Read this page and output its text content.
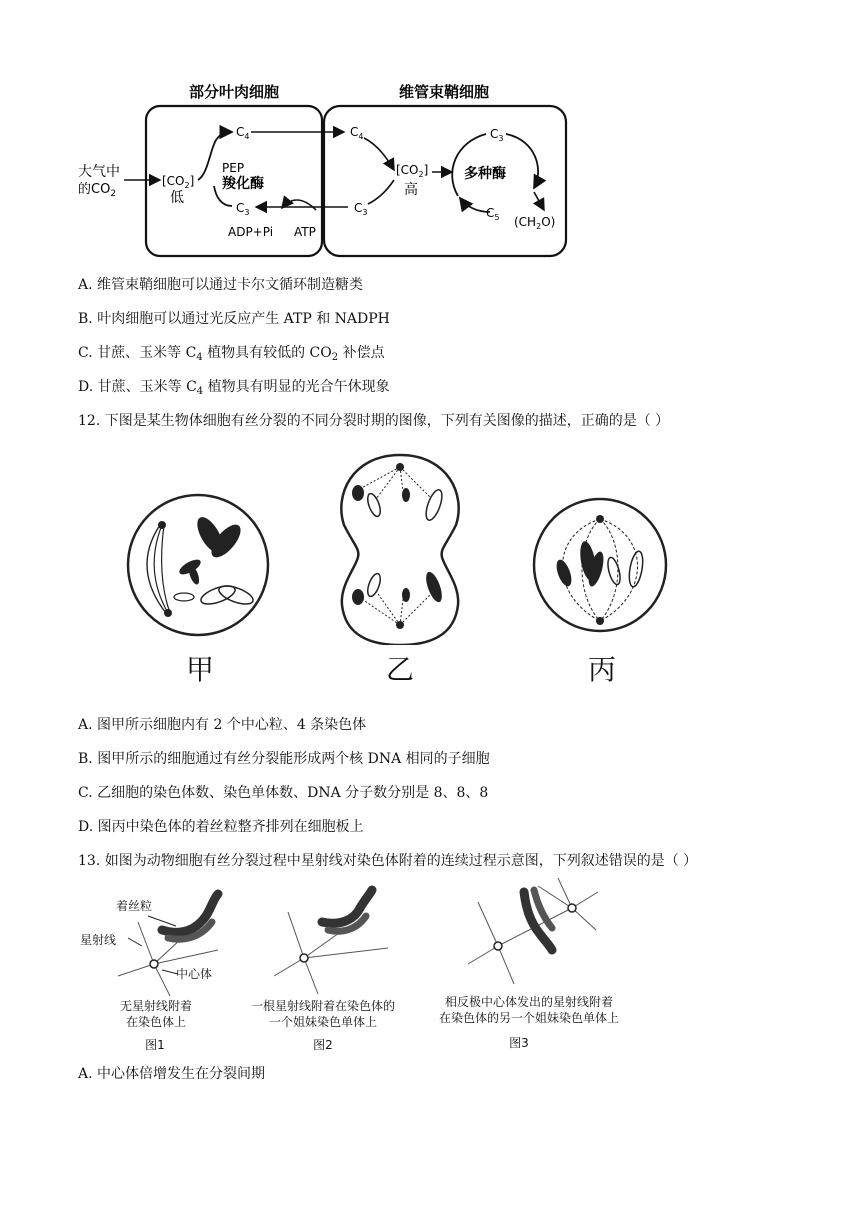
部分叶肉细胞	维管束鞘细胞
大气中
的$CO_2$
$[CO_2]$
低
$C_4$
PEP
羧化酶
$C_3$
ADP+Pi ATP
$C_4$
$C_3$
$[CO_2]$
高
$C_3$
多种酶
$C_5$ $(CH_2O)$
A. 维管束鞘细胞可以通过卡尔文循环制造糖类
B. 叶肉细胞可以通过光反应产生 ATP 和 NADPH
C. 甘蔗、玉米等 $C_4$ 植物具有较低的 $CO_2$ 补偿点
D. 甘蔗、玉米等 $C_4$ 植物具有明显的光合午休现象
12. 下图是某生物体细胞有丝分裂的不同分裂时期的图像，下列有关图像的描述，正确的是（ ）
甲	乙	丙
A. 图甲所示细胞内有 2 个中心粒、4 条染色体
B. 图甲所示的细胞通过有丝分裂能形成两个核 DNA 相同的子细胞
C. 乙细胞的染色体数、染色单体数、DNA 分子数分别是 8、8、8
D. 图丙中染色体的着丝粒整齐排列在细胞板上
13. 如图为动物细胞有丝分裂过程中星射线对染色体附着的连续过程示意图，下列叙述错误的是（ ）
着丝粒
星射线
中心体
无星射线附着
在染色体上
一根星射线附着在染色体的
一个姐妹染色单体上
相反极中心体发出的星射线附着
在染色体的另一个姐妹染色单体上
图1	图2	图3
A. 中心体倍增发生在分裂间期
